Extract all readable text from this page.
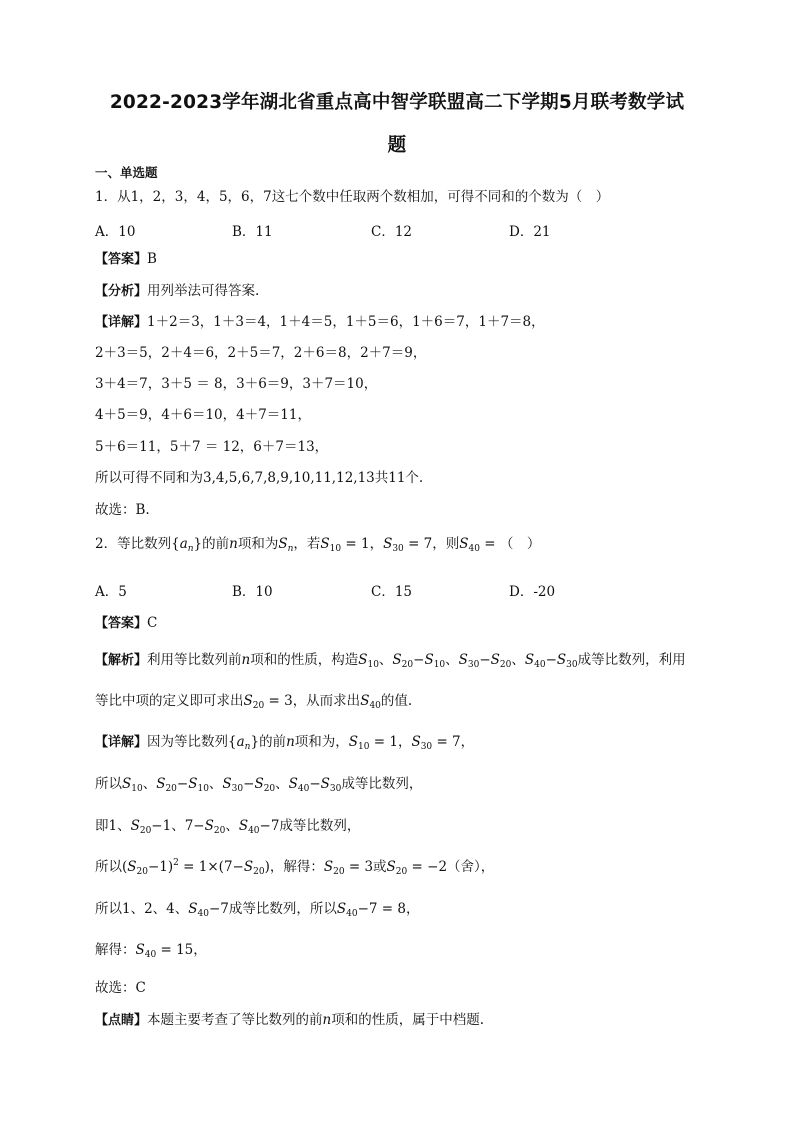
2022-2023学年湖北省重点高中智学联盟高二下学期5月联考数学试
题
一、单选题
1．从1，2，3，4，5，6，7这七个数中任取两个数相加，可得不同和的个数为（　）
A．10	B．11	C．12	D．21
【答案】B
【分析】用列举法可得答案.
【详解】1＋2＝3，1＋3＝4，1＋4＝5，1＋5＝6，1＋6＝7，1＋7＝8，
2＋3＝5，2＋4＝6，2＋5＝7，2＋6＝8，2＋7＝9，
3＋4＝7，3＋5 ＝ 8，3＋6＝9，3＋7＝10，
4＋5＝9，4＋6＝10，4＋7＝11，
5＋6＝11，5＋7 ＝ 12，6＋7＝13，
所以可得不同和为3,4,5,6,7,8,9,10,11,12,13共11个.
故选：B.
2．等比数列$\{a_n\}$的前n项和为$S_n$，若$S_{10} = 1$，$S_{30} = 7$，则$S_{40}$ = （　）
A．5	B．10	C．15	D．-20
【答案】C
【解析】利用等比数列前n项和的性质，构造$S_{10}$、$S_{20}-S_{10}$、$S_{30}-S_{20}$、$S_{40}-S_{30}$成等比数列，利用
等比中项的定义即可求出$S_{20} = 3$，从而求出$S_{40}$的值.
【详解】因为等比数列$\{a_n\}$的前n项和为，$S_{10} = 1$，$S_{30} = 7$，
所以$S_{10}$、$S_{20}-S_{10}$、$S_{30}-S_{20}$、$S_{40}-S_{30}$成等比数列，
即1、$S_{20}-1$、$7-S_{20}$、$S_{40}-7$成等比数列，
所以$(S_{20}-1)^2 = 1\times(7-S_{20})$，解得：$S_{20} = 3$或$S_{20} = -2$（舍），
所以1、2、4、$S_{40}-7$成等比数列，所以$S_{40}-7 = 8$，
解得：$S_{40} = 15$，
故选：C
【点睛】本题主要考查了等比数列的前n项和的性质，属于中档题.
